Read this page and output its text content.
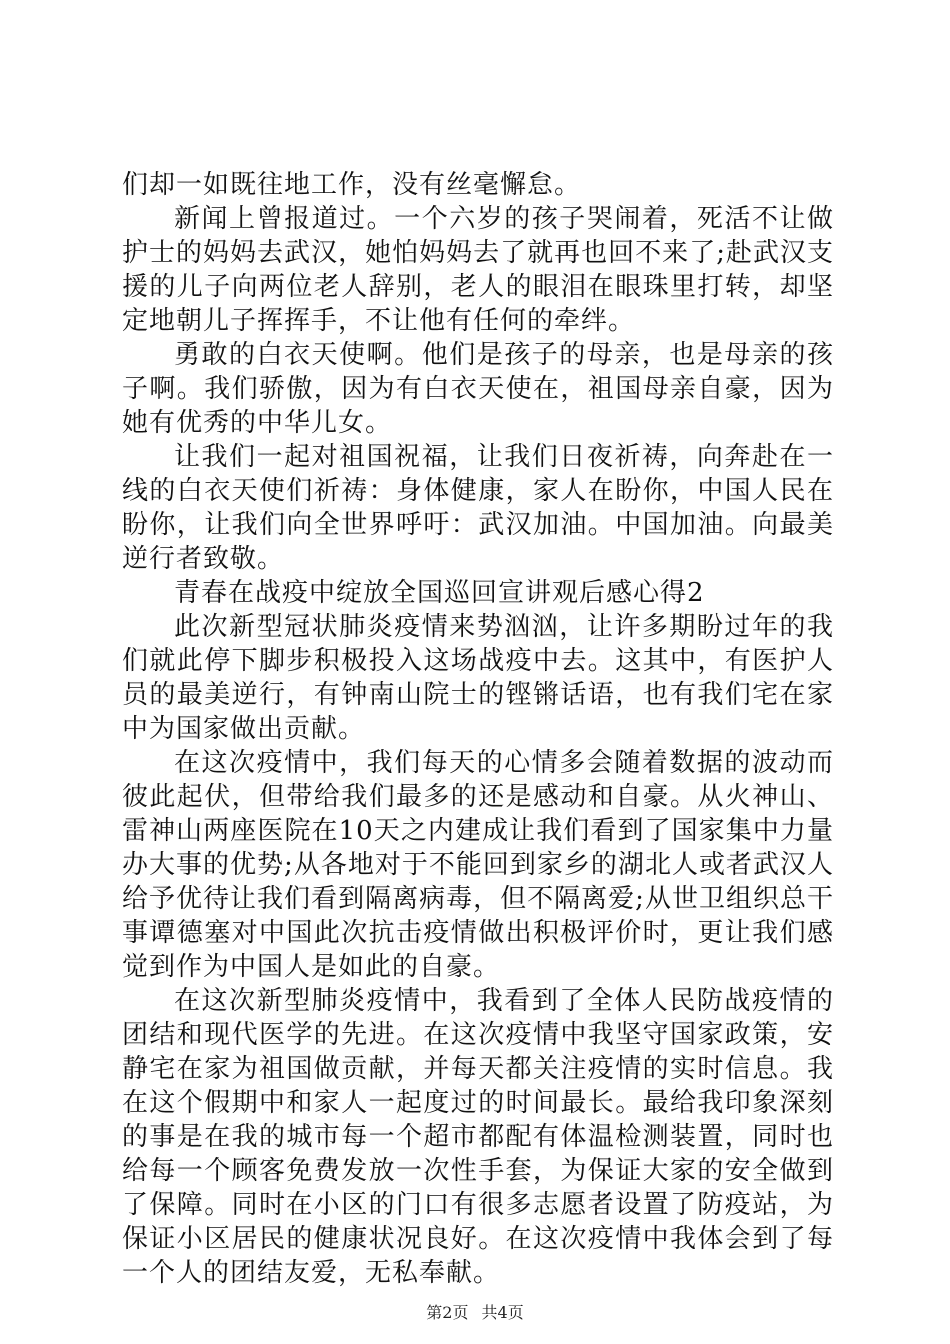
们却一如既往地工作，没有丝毫懈怠。

新闻上曾报道过。一个六岁的孩子哭闹着，死活不让做护士的妈妈去武汉，她怕妈妈去了就再也回不来了;赴武汉支援的儿子向两位老人辞别，老人的眼泪在眼珠里打转，却坚定地朝儿子挥挥手，不让他有任何的牵绊。

勇敢的白衣天使啊。他们是孩子的母亲，也是母亲的孩子啊。我们骄傲，因为有白衣天使在，祖国母亲自豪，因为她有优秀的中华儿女。

让我们一起对祖国祝福，让我们日夜祈祷，向奔赴在一线的白衣天使们祈祷：身体健康，家人在盼你，中国人民在盼你，让我们向全世界呼吁：武汉加油。中国加油。向最美逆行者致敬。

青春在战疫中绽放全国巡回宣讲观后感心得2

此次新型冠状肺炎疫情来势汹汹，让许多期盼过年的我们就此停下脚步积极投入这场战疫中去。这其中，有医护人员的最美逆行，有钟南山院士的铿锵话语，也有我们宅在家中为国家做出贡献。

在这次疫情中，我们每天的心情多会随着数据的波动而彼此起伏，但带给我们最多的还是感动和自豪。从火神山、雷神山两座医院在10天之内建成让我们看到了国家集中力量办大事的优势;从各地对于不能回到家乡的湖北人或者武汉人给予优待让我们看到隔离病毒，但不隔离爱;从世卫组织总干事谭德塞对中国此次抗击疫情做出积极评价时，更让我们感觉到作为中国人是如此的自豪。

在这次新型肺炎疫情中，我看到了全体人民防战疫情的团结和现代医学的先进。在这次疫情中我坚守国家政策，安静宅在家为祖国做贡献，并每天都关注疫情的实时信息。我在这个假期中和家人一起度过的时间最长。最给我印象深刻的事是在我的城市每一个超市都配有体温检测装置，同时也给每一个顾客免费发放一次性手套，为保证大家的安全做到了保障。同时在小区的门口有很多志愿者设置了防疫站，为保证小区居民的健康状况良好。在这次疫情中我体会到了每一个人的团结友爱，无私奉献。

第2页 共4页
